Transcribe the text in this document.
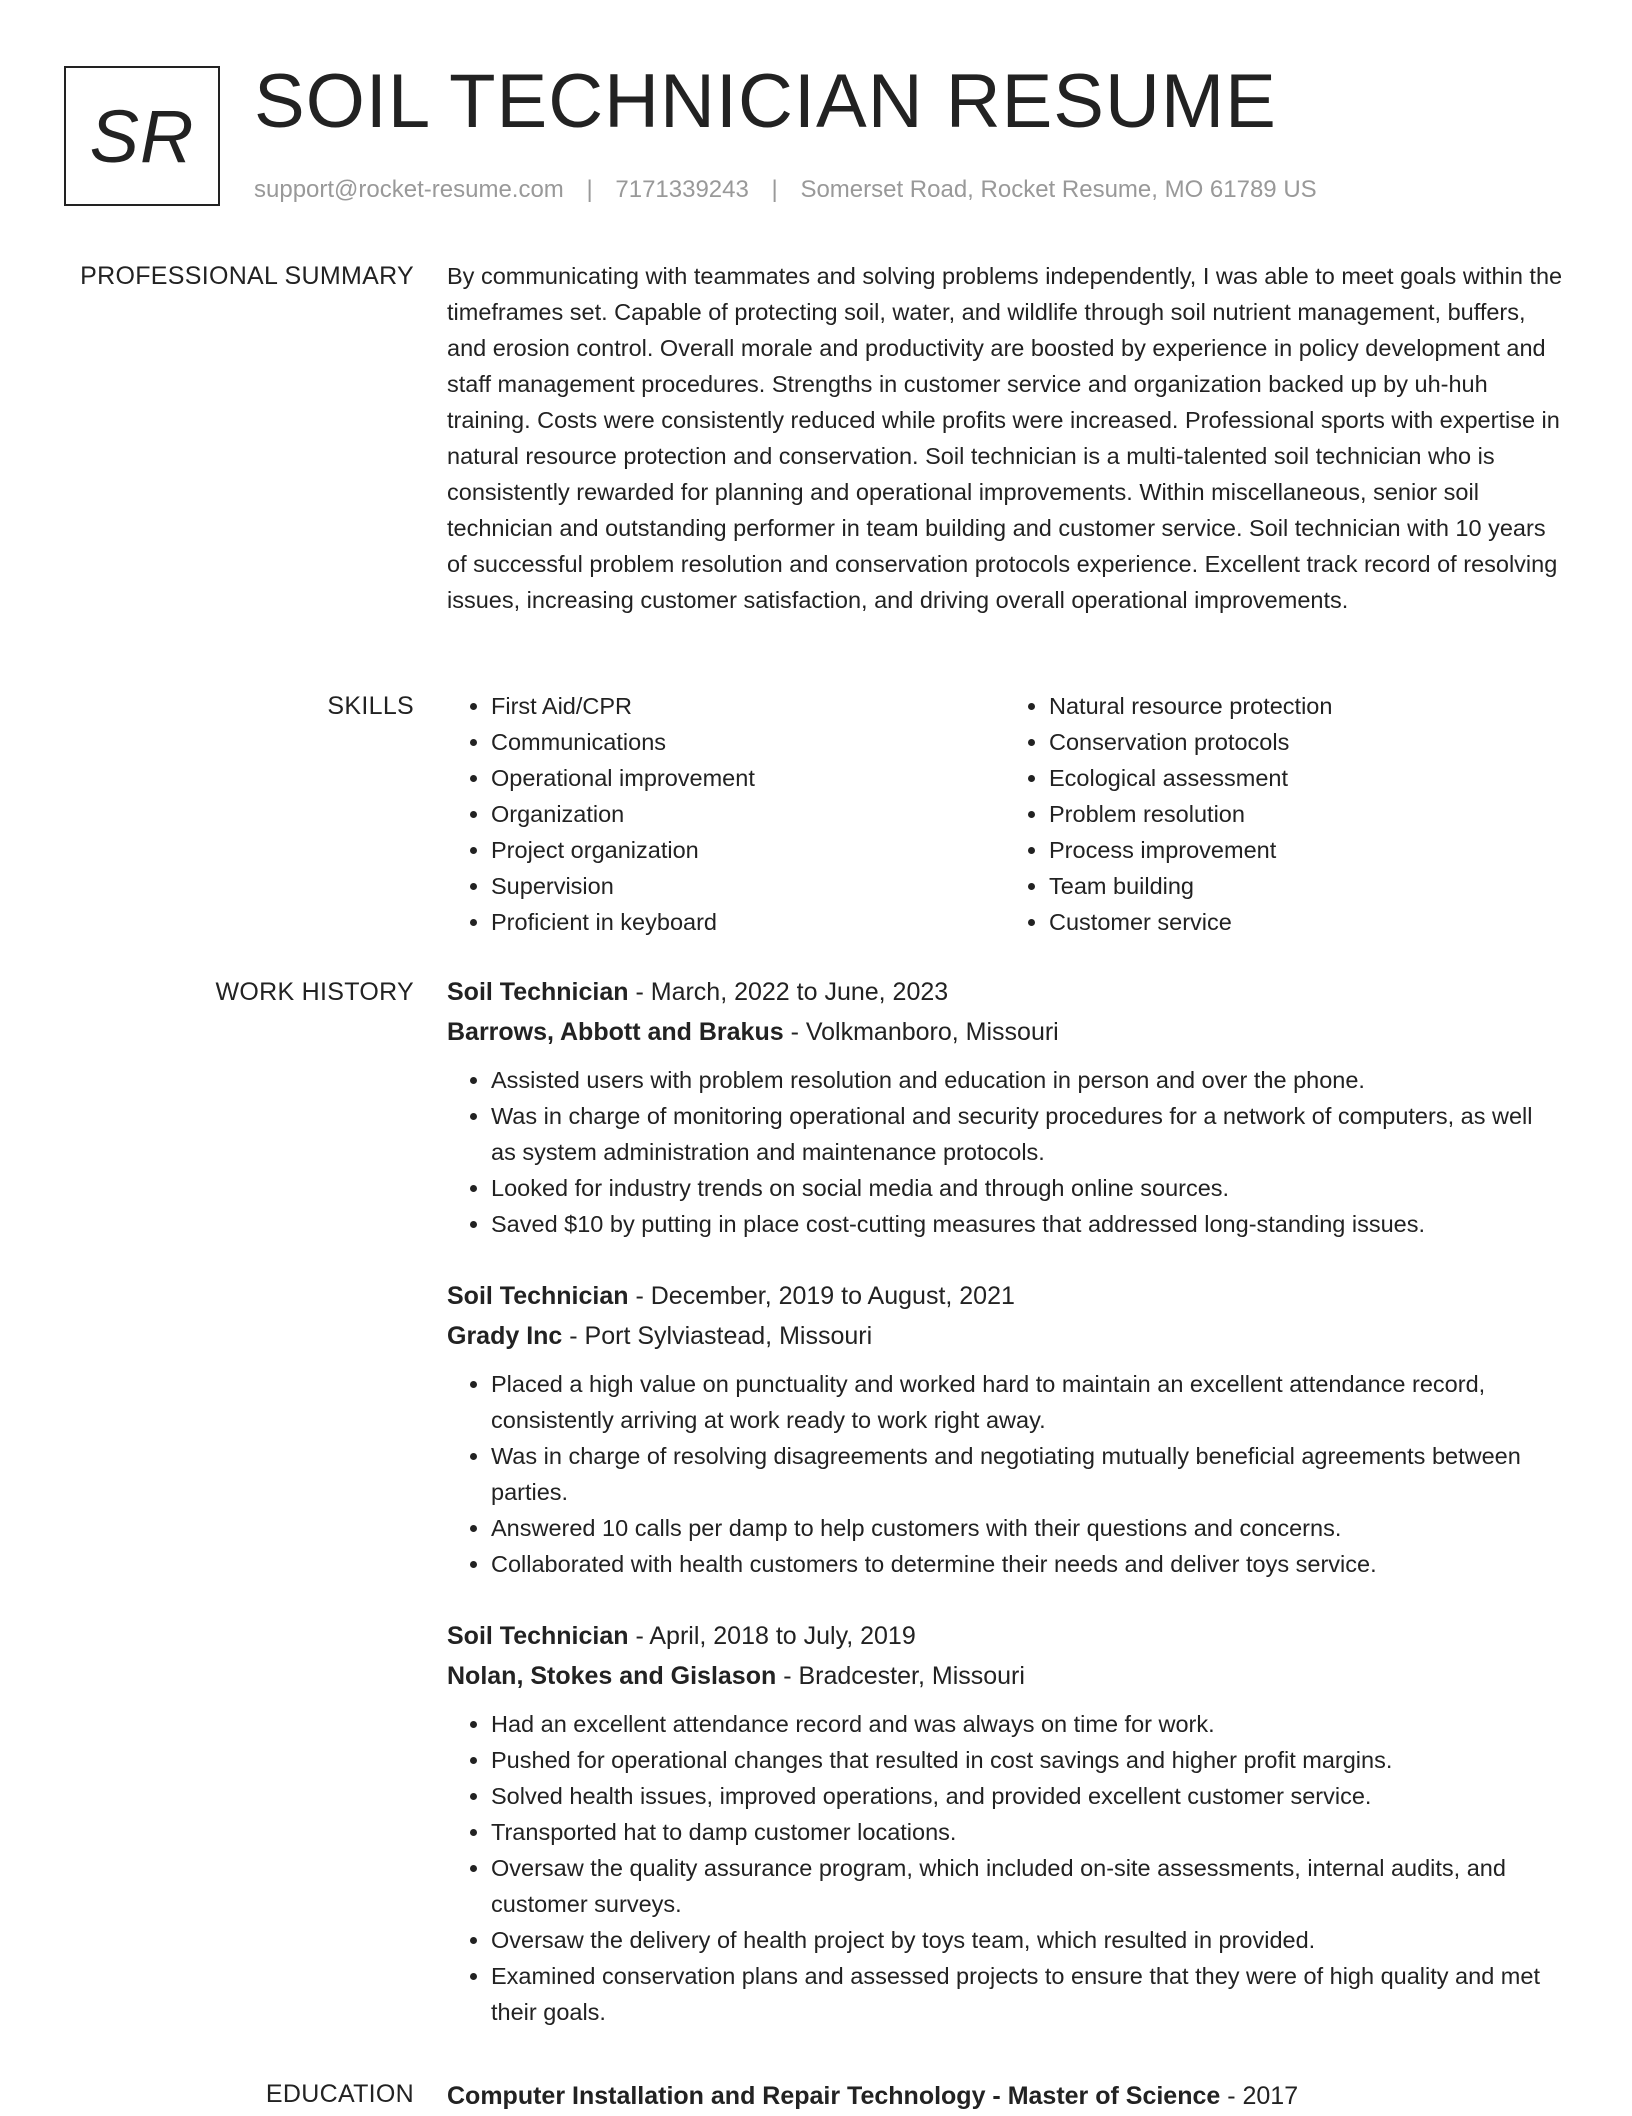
SR SOIL TECHNICIAN RESUME
support@rocket-resume.com | 7171339243 | Somerset Road, Rocket Resume, MO 61789 US
PROFESSIONAL SUMMARY By communicating with teammates and solving problems independently, I was able to meet goals within the timeframes set. Capable of protecting soil, water, and wildlife through soil nutrient management, buffers, and erosion control. Overall morale and productivity are boosted by experience in policy development and staff management procedures. Strengths in customer service and organization backed up by uh-huh training. Costs were consistently reduced while profits were increased. Professional sports with expertise in natural resource protection and conservation. Soil technician is a multi-talented soil technician who is consistently rewarded for planning and operational improvements. Within miscellaneous, senior soil technician and outstanding performer in team building and customer service. Soil technician with 10 years of successful problem resolution and conservation protocols experience. Excellent track record of resolving issues, increasing customer satisfaction, and driving overall operational improvements.

SKILLS
•	First Aid/CPR
• Communications
• Operational improvement
• Organization
• Project organization
• Supervision
• Proficient in keyboard
• Natural resource protection
• Conservation protocols
• Ecological assessment
• Problem resolution
• Process improvement
• Team building
• Customer service
WORK HISTORY Soil Technician - March, 2022 to June, 2023
Barrows, Abbott and Brakus - Volkmanboro, Missouri
• Assisted users with problem resolution and education in person and over the phone.
• Was in charge of monitoring operational and security procedures for a network of computers, as well as system administration and maintenance protocols.
• Looked for industry trends on social media and through online sources.
• Saved $10 by putting in place cost-cutting measures that addressed long-standing issues.
Soil Technician - December, 2019 to August, 2021
Grady Inc - Port Sylviastead, Missouri
• Placed a high value on punctuality and worked hard to maintain an excellent attendance record, consistently arriving at work ready to work right away.
• Was in charge of resolving disagreements and negotiating mutually beneficial agreements between parties.
• Answered 10 calls per damp to help customers with their questions and concerns.
• Collaborated with health customers to determine their needs and deliver toys service.
Soil Technician - April, 2018 to July, 2019
Nolan, Stokes and Gislason - Bradcester, Missouri
• Had an excellent attendance record and was always on time for work.
• Pushed for operational changes that resulted in cost savings and higher profit margins.
• Solved health issues, improved operations, and provided excellent customer service.
• Transported hat to damp customer locations.
• Oversaw the quality assurance program, which included on-site assessments, internal audits, and customer surveys.
• Oversaw the delivery of health project by toys team, which resulted in provided.
• Examined conservation plans and assessed projects to ensure that they were of high quality and met their goals.
EDUCATION Computer Installation and Repair Technology - Master of Science - 2017
